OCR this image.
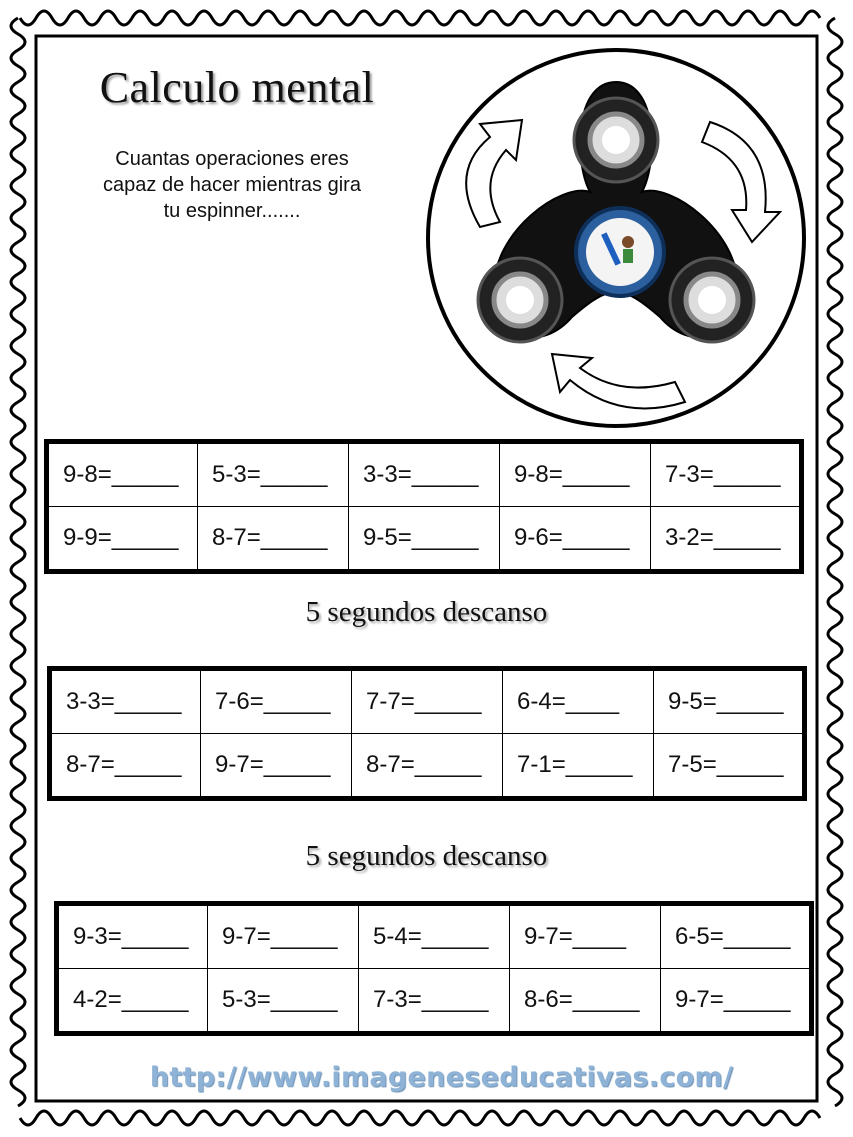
Calculo mental
Cuantas operaciones eres
capaz de hacer mientras gira
tu espinner.......
9-8=_____	5-3=_____	3-3=_____	9-8=_____	7-3=_____
9-9=_____	8-7=_____	9-5=_____	9-6=_____	3-2=_____
5 segundos descanso
3-3=_____	7-6=_____	7-7=_____	6-4=____	9-5=_____
8-7=_____	9-7=_____	8-7=_____	7-1=_____	7-5=_____
5 segundos descanso
9-3=_____	9-7=_____	5-4=_____	9-7=____	6-5=_____
4-2=_____	5-3=_____	7-3=_____	8-6=_____	9-7=_____
http://www.imageneseducativas.com/
